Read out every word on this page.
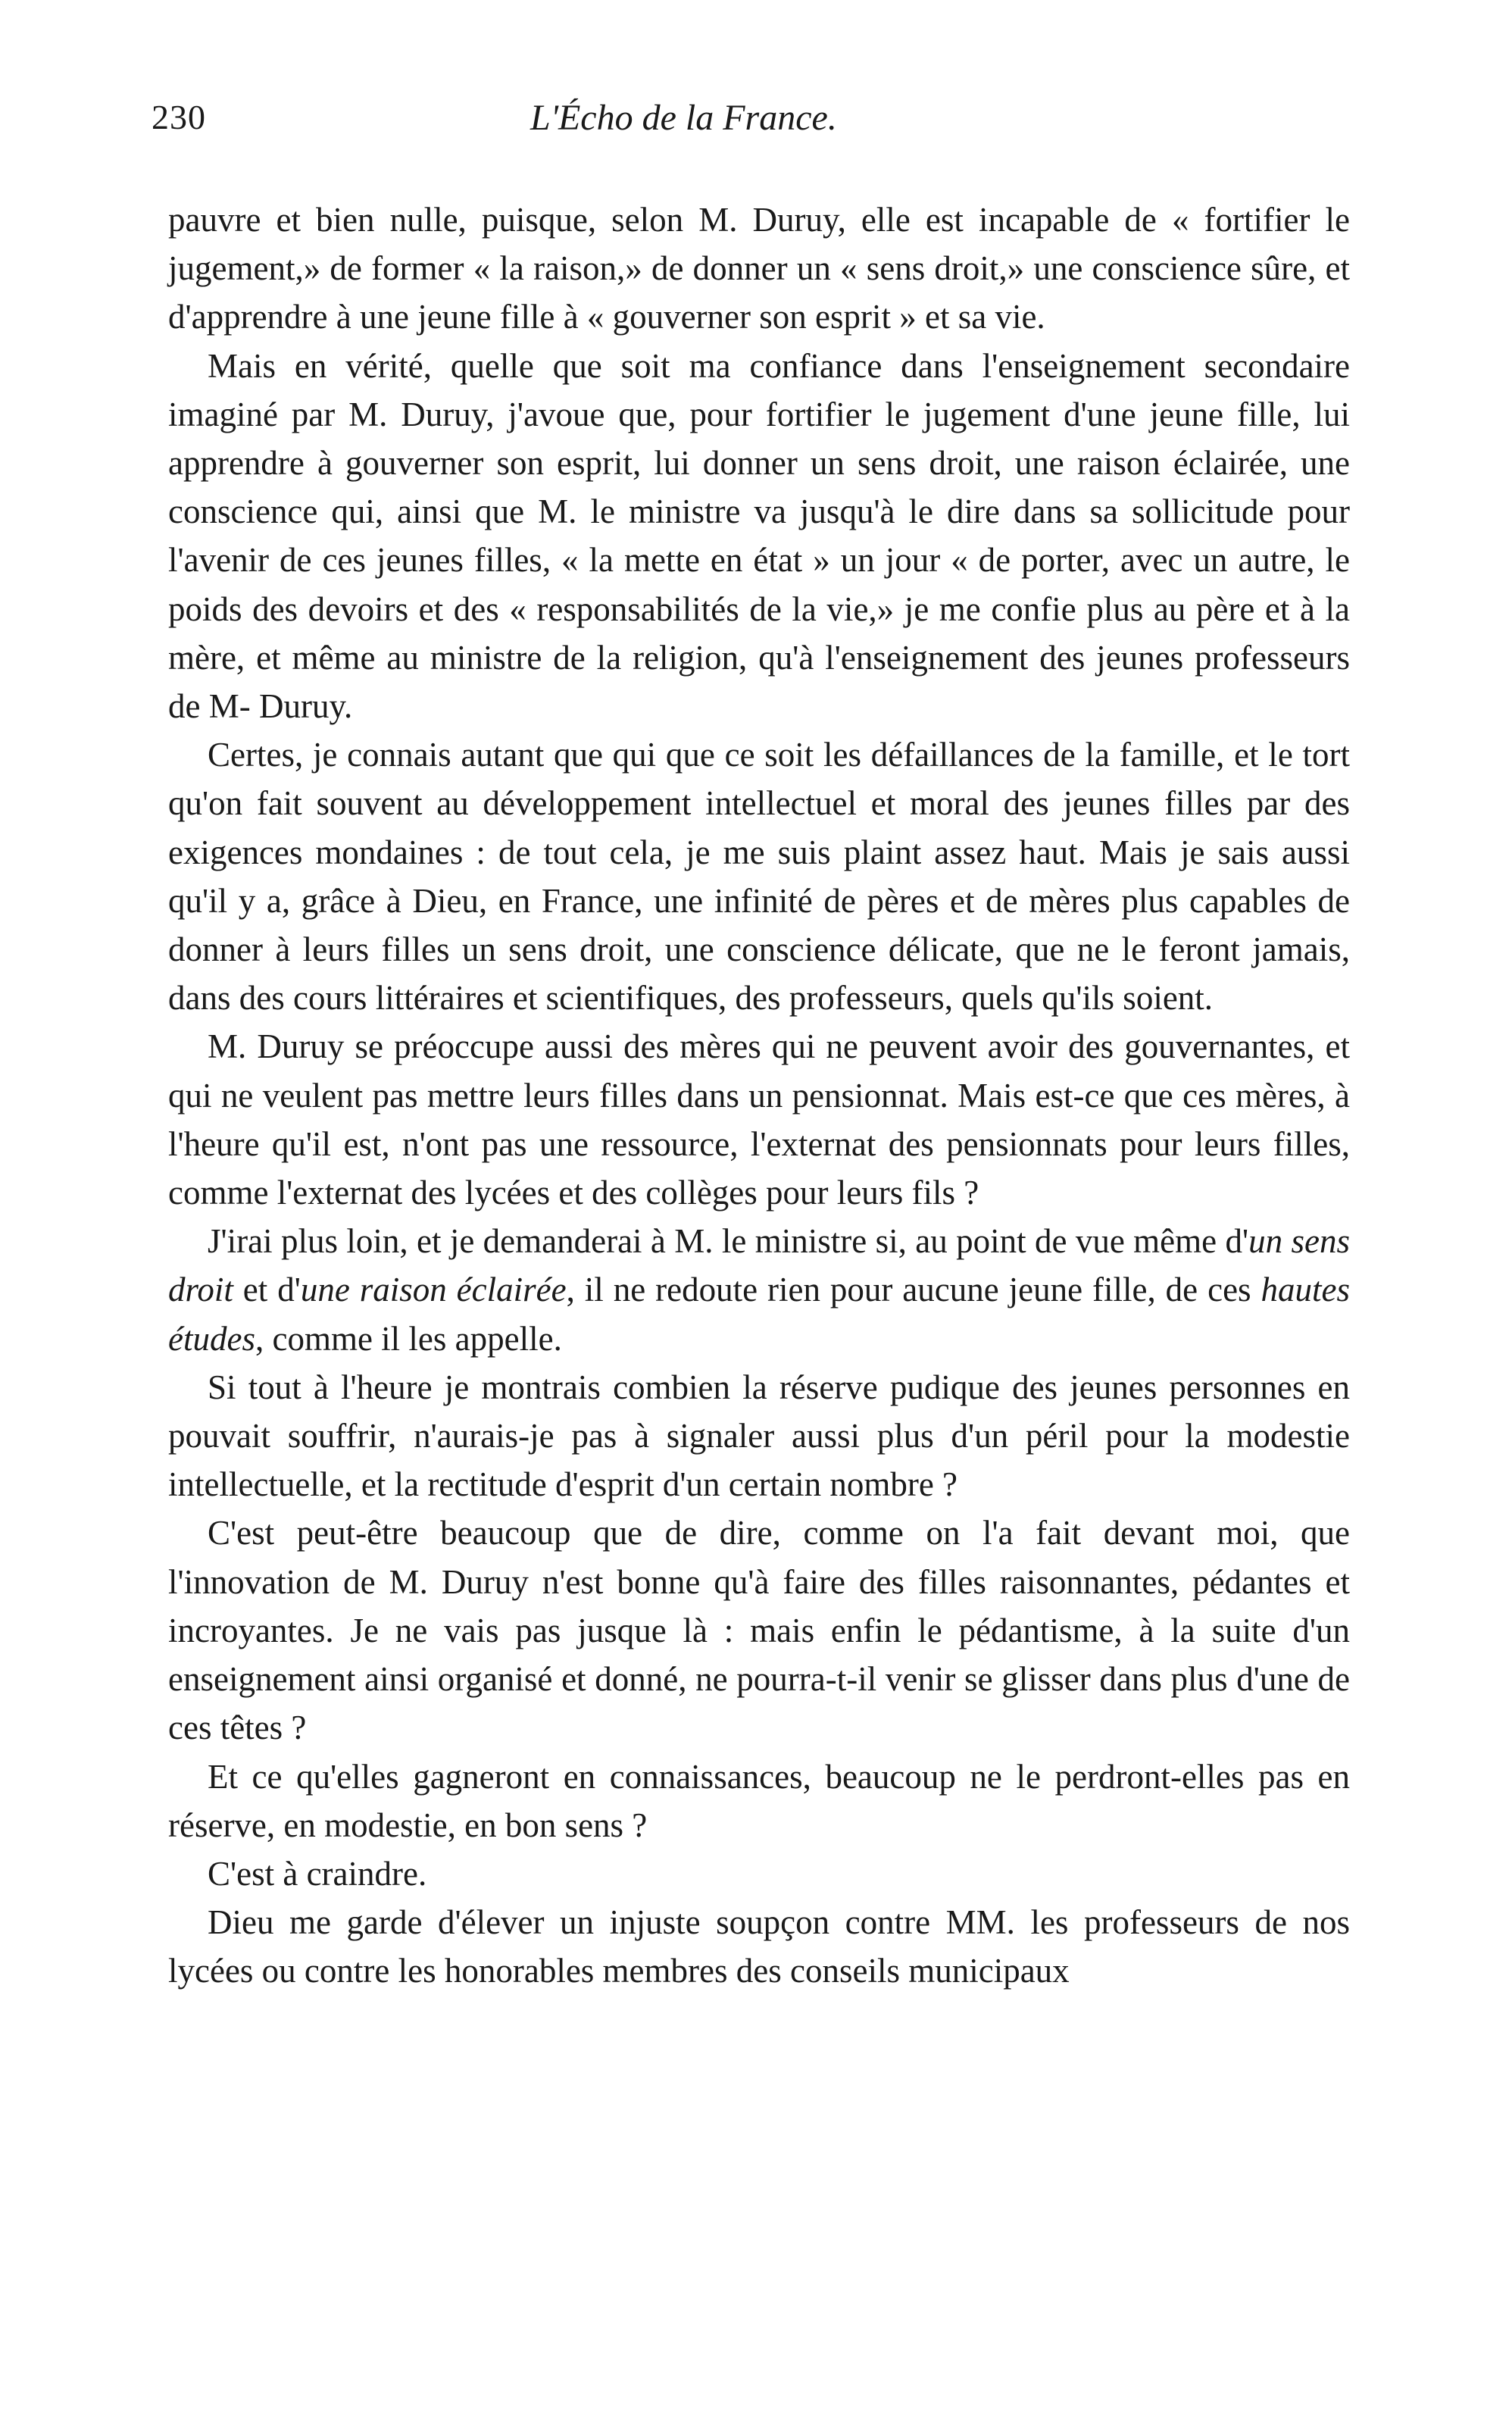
230	L'Écho de la France.

pauvre et bien nulle, puisque, selon M. Duruy, elle est incapable de « fortifier le jugement,» de former « la raison,» de donner un « sens droit,» une conscience sûre, et d'apprendre à une jeune fille à « gouverner son esprit » et sa vie.

Mais en vérité, quelle que soit ma confiance dans l'enseignement secondaire imaginé par M. Duruy, j'avoue que, pour fortifier le jugement d'une jeune fille, lui apprendre à gouverner son esprit, lui donner un sens droit, une raison éclairée, une conscience qui, ainsi que M. le ministre va jusqu'à le dire dans sa sollicitude pour l'avenir de ces jeunes filles, « la mette en état » un jour « de porter, avec un autre, le poids des devoirs et des « responsabilités de la vie,» je me confie plus au père et à la mère, et même au ministre de la religion, qu'à l'enseignement des jeunes professeurs de M- Duruy.

Certes, je connais autant que qui que ce soit les défaillances de la famille, et le tort qu'on fait souvent au développement intellectuel et moral des jeunes filles par des exigences mondaines : de tout cela, je me suis plaint assez haut. Mais je sais aussi qu'il y a, grâce à Dieu, en France, une infinité de pères et de mères plus capables de donner à leurs filles un sens droit, une conscience délicate, que ne le feront jamais, dans des cours littéraires et scientifiques, des professeurs, quels qu'ils soient.

M. Duruy se préoccupe aussi des mères qui ne peuvent avoir des gouvernantes, et qui ne veulent pas mettre leurs filles dans un pensionnat. Mais est-ce que ces mères, à l'heure qu'il est, n'ont pas une ressource, l'externat des pensionnats pour leurs filles, comme l'externat des lycées et des collèges pour leurs fils ?

J'irai plus loin, et je demanderai à M. le ministre si, au point de vue même d'un sens droit et d'une raison éclairée, il ne redoute rien pour aucune jeune fille, de ces hautes études, comme il les appelle.

Si tout à l'heure je montrais combien la réserve pudique des jeunes personnes en pouvait souffrir, n'aurais-je pas à signaler aussi plus d'un péril pour la modestie intellectuelle, et la rectitude d'esprit d'un certain nombre ?

C'est peut-être beaucoup que de dire, comme on l'a fait devant moi, que l'innovation de M. Duruy n'est bonne qu'à faire des filles raisonnantes, pédantes et incroyantes. Je ne vais pas jusque là : mais enfin le pédantisme, à la suite d'un enseignement ainsi organisé et donné, ne pourra-t-il venir se glisser dans plus d'une de ces têtes ?

Et ce qu'elles gagneront en connaissances, beaucoup ne le perdront-elles pas en réserve, en modestie, en bon sens ?

C'est à craindre.

Dieu me garde d'élever un injuste soupçon contre MM. les professeurs de nos lycées ou contre les honorables membres des conseils municipaux
